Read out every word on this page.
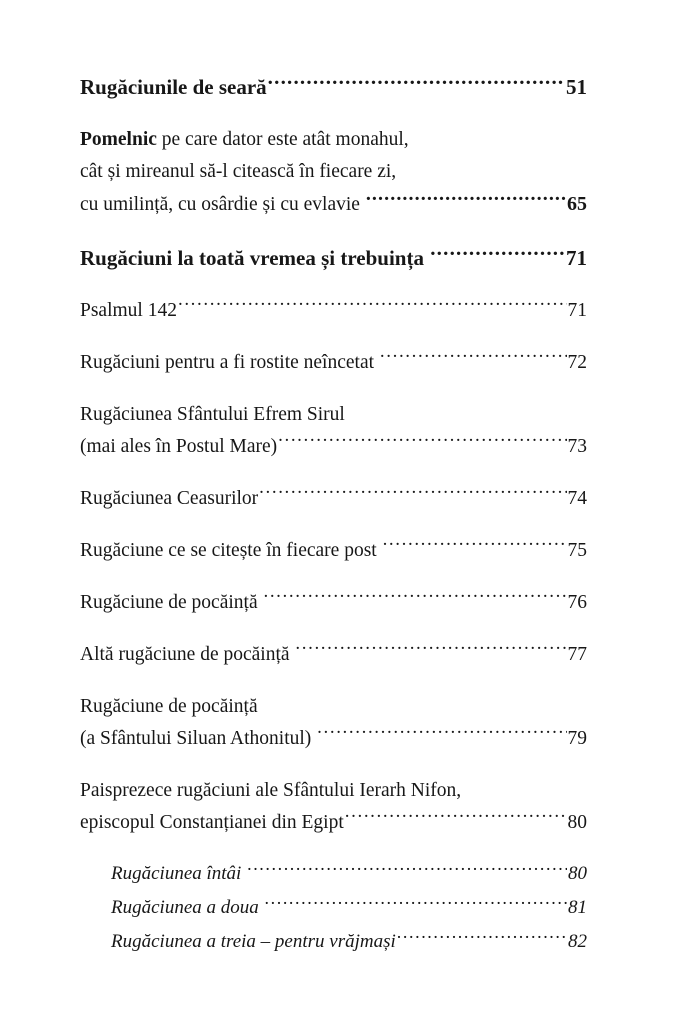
Rugăciunile de seară .....	51
Pomelnic pe care dator este atât monahul,
cât și mireanul să-l citească în fiecare zi,
cu umilință, cu osârdie și cu evlavie .....	65
Rugăciuni la toată vremea și trebuința .....	71
Psalmul 142 .....	71
Rugăciuni pentru a fi rostite neîncetat .....	72
Rugăciunea Sfântului Efrem Sirul
(mai ales în Postul Mare) .....	73
Rugăciunea Ceasurilor .....	74
Rugăciune ce se citește în fiecare post .....	75
Rugăciune de pocăință .....	76
Altă rugăciune de pocăință .....	77
Rugăciune de pocăință
(a Sfântului Siluan Athonitul) .....	79
Paisprezece rugăciuni ale Sfântului Ierarh Nifon,
episcopul Constanțianei din Egipt .....	80
Rugăciunea întâi .....	80
Rugăciunea a doua .....	81
Rugăciunea a treia – pentru vrăjmași .....	82
